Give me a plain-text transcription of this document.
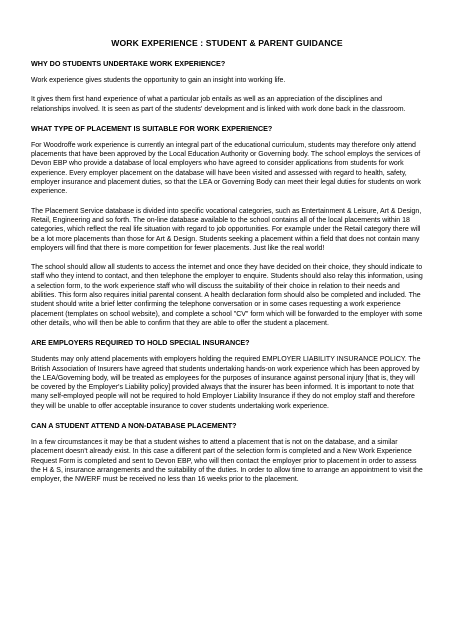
WORK EXPERIENCE : STUDENT & PARENT GUIDANCE
WHY DO STUDENTS UNDERTAKE WORK EXPERIENCE?

Work experience gives students the opportunity to gain an insight into working life.

It gives them first hand experience of what a particular job entails as well as an appreciation of the disciplines and relationships involved. It is seen as part of the students' development and is linked with work done back in the classroom.

WHAT TYPE OF PLACEMENT IS SUITABLE FOR WORK EXPERIENCE?

For Woodroffe work experience is currently an integral part of the educational curriculum, students may therefore only attend placements that have been approved by the Local Education Authority or Governing body. The school employs the services of Devon EBP who provide a database of local employers who have agreed to consider applications from students for work experience. Every employer placement on the database will have been visited and assessed with regard to health, safety, employer insurance and placement duties, so that the LEA or Governing Body can meet their legal duties for students on work experience.

The Placement Service database is divided into specific vocational categories, such as Entertainment & Leisure, Art & Design, Retail, Engineering and so forth. The on-line database available to the school contains all of the local placements within 18 categories, which reflect the real life situation with regard to job opportunities. For example under the Retail category there will be a lot more placements than those for Art & Design. Students seeking a placement within a field that does not contain many employers will find that there is more competition for fewer placements. Just like the real world!

The school should allow all students to access the internet and once they have decided on their choice, they should indicate to staff who they intend to contact, and then telephone the employer to enquire. Students should also relay this information, using a selection form, to the work experience staff who will discuss the suitability of their choice in relation to their needs and abilities. This form also requires initial parental consent. A health declaration form should also be completed and included. The student should write a brief letter confirming the telephone conversation or in some cases requesting a work experience placement (templates on school website), and complete a school "CV" form which will be forwarded to the employer with some other details, who will then be able to confirm that they are able to offer the student a placement.

ARE EMPLOYERS REQUIRED TO HOLD SPECIAL INSURANCE?

Students may only attend placements with employers holding the required EMPLOYER LIABILITY INSURANCE POLICY. The British Association of Insurers have agreed that students undertaking hands-on work experience which has been approved by the LEA/Governing body, will be treated as employees for the purposes of insurance against personal injury [that is, they will be covered by the Employer's Liability policy] provided always that the insurer has been informed. It is important to note that many self-employed people will not be required to hold Employer Liability Insurance if they do not employ staff and therefore they will be unable to offer acceptable insurance to cover students undertaking work experience.

CAN A STUDENT ATTEND A NON-DATABASE PLACEMENT?

In a few circumstances it may be that a student wishes to attend a placement that is not on the database, and a similar placement doesn't already exist. In this case a different part of the selection form is completed and a New Work Experience Request Form is completed and sent to Devon EBP, who will then contact the employer prior to placement in order to assess the H & S, insurance arrangements and the suitability of the duties. In order to allow time to arrange an appointment to visit the employer, the NWERF must be received no less than 16 weeks prior to the placement.
